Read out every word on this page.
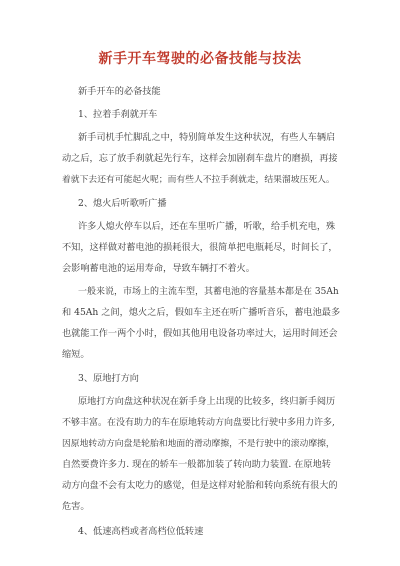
新手开车驾驶的必备技能与技法
新手开车的必备技能
1、拉着手刹就开车
新手司机手忙脚乱之中，特别简单发生这种状况，有些人车辆启
动之后，忘了放手刹就起先行车，这样会加剧刹车盘片的磨损，再接
着就下去还有可能起火呢；而有些人不拉手刹就走，结果溜坡压死人。
2、熄火后听歌听广播
许多人熄火停车以后，还在车里听广播，听歌，给手机充电，殊
不知，这样做对蓄电池的损耗很大，很简单把电瓶耗尽，时间长了，
会影响蓄电池的运用寿命，导致车辆打不着火。
一般来说，市场上的主流车型，其蓄电池的容量基本都是在 35Ah
和 45Ah 之间，熄火之后，假如车主还在听广播听音乐，蓄电池最多
也就能工作一两个小时，假如其他用电设备功率过大，运用时间还会
缩短。
3、原地打方向
原地打方向盘这种状况在新手身上出现的比较多，终归新手阅历
不够丰富。在没有助力的车在原地转动方向盘要比行驶中多用力许多,
因原地转动方向盘是轮胎和地面的滑动摩擦，不是行驶中的滚动摩擦，
自然要费许多力. 现在的轿车一般都加装了转向助力装置. 在原地转
动方向盘不会有太吃力的感觉，但是这样对轮胎和转向系统有很大的
危害。
4、低速高档或者高档位低转速
